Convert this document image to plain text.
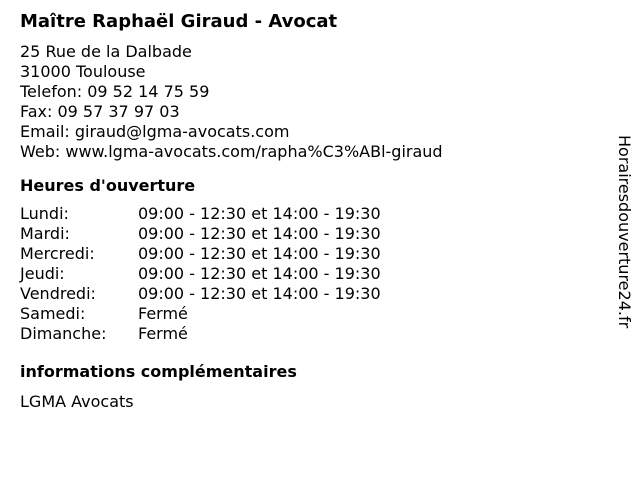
Maître Raphaël Giraud - Avocat
25 Rue de la Dalbade
31000 Toulouse
Telefon: 09 52 14 75 59
Fax: 09 57 37 97 03
Email: giraud@lgma-avocats.com
Web: www.lgma-avocats.com/rapha%C3%ABl-giraud
Heures d'ouverture
Lundi:	09:00 - 12:30 et 14:00 - 19:30
Mardi:	09:00 - 12:30 et 14:00 - 19:30
Mercredi:	09:00 - 12:30 et 14:00 - 19:30
Jeudi:	09:00 - 12:30 et 14:00 - 19:30
Vendredi:	09:00 - 12:30 et 14:00 - 19:30
Samedi:	Fermé
Dimanche:	Fermé
informations complémentaires
LGMA Avocats
Horairesdouverture24.fr
